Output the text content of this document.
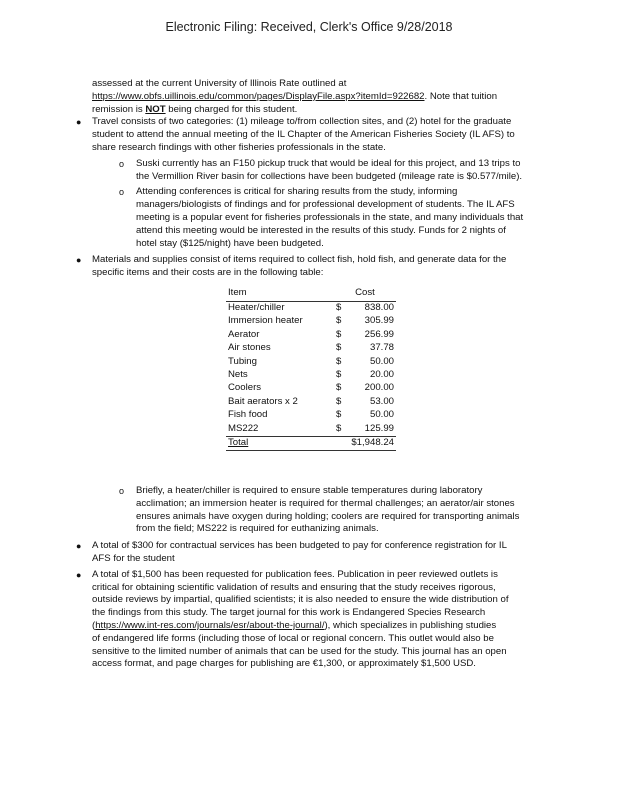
Electronic Filing: Received, Clerk's Office 9/28/2018

assessed at the current University of Illinois Rate outlined at

https://www.obfs.uillinois.edu/common/pages/DisplayFile.aspx?itemId=922682. Note that tuition

remission is NOT being charged for this student.

●	Travel consists of two categories: (1) mileage to/from collection sites, and (2) hotel for the graduate

student to attend the annual meeting of the IL Chapter of the American Fisheries Society (IL AFS) to

share research findings with other fisheries professionals in the state.

o	Suski currently has an F150 pickup truck that would be ideal for this project, and 13 trips to

the Vermillion River basin for collections have been budgeted (mileage rate is $0.577/mile).

o	Attending conferences is critical for sharing results from the study, informing

managers/biologists of findings and for professional development of students. The IL AFS

meeting is a popular event for fisheries professionals in the state, and many individuals that

attend this meeting would be interested in the results of this study. Funds for 2 nights of

hotel stay ($125/night) have been budgeted.

●	Materials and supplies consist of items required to collect fish, hold fish, and generate data for the

specific items and their costs are in the following table:

Item	Cost	
Heater/chiller	$	838.00
Immersion heater	$	305.99
Aerator	$	256.99
Air stones	$	37.78
Tubing	$	50.00
Nets	$	20.00
Coolers	$	200.00
Bait aerators x 2	$	53.00
Fish food	$	50.00
MS222	$	125.99
Total	$1,948.24	
o	Briefly, a heater/chiller is required to ensure stable temperatures during laboratory

acclimation; an immersion heater is required for thermal challenges; an aerator/air stones

ensures animals have oxygen during holding; coolers are required for transporting animals

from the field; MS222 is required for euthanizing animals.

●	A total of $300 for contractual services has been budgeted to pay for conference registration for IL

AFS for the student

●	A total of $1,500 has been requested for publication fees. Publication in peer reviewed outlets is

critical for obtaining scientific validation of results and ensuring that the study receives rigorous,

outside reviews by impartial, qualified scientists; it is also needed to ensure the wide distribution of

the findings from this study. The target journal for this work is Endangered Species Research

(https://www.int-res.com/journals/esr/about-the-journal/), which specializes in publishing studies

of endangered life forms (including those of local or regional concern. This outlet would also be

sensitive to the limited number of animals that can be used for the study. This journal has an open

access format, and page charges for publishing are €1,300, or approximately $1,500 USD.
